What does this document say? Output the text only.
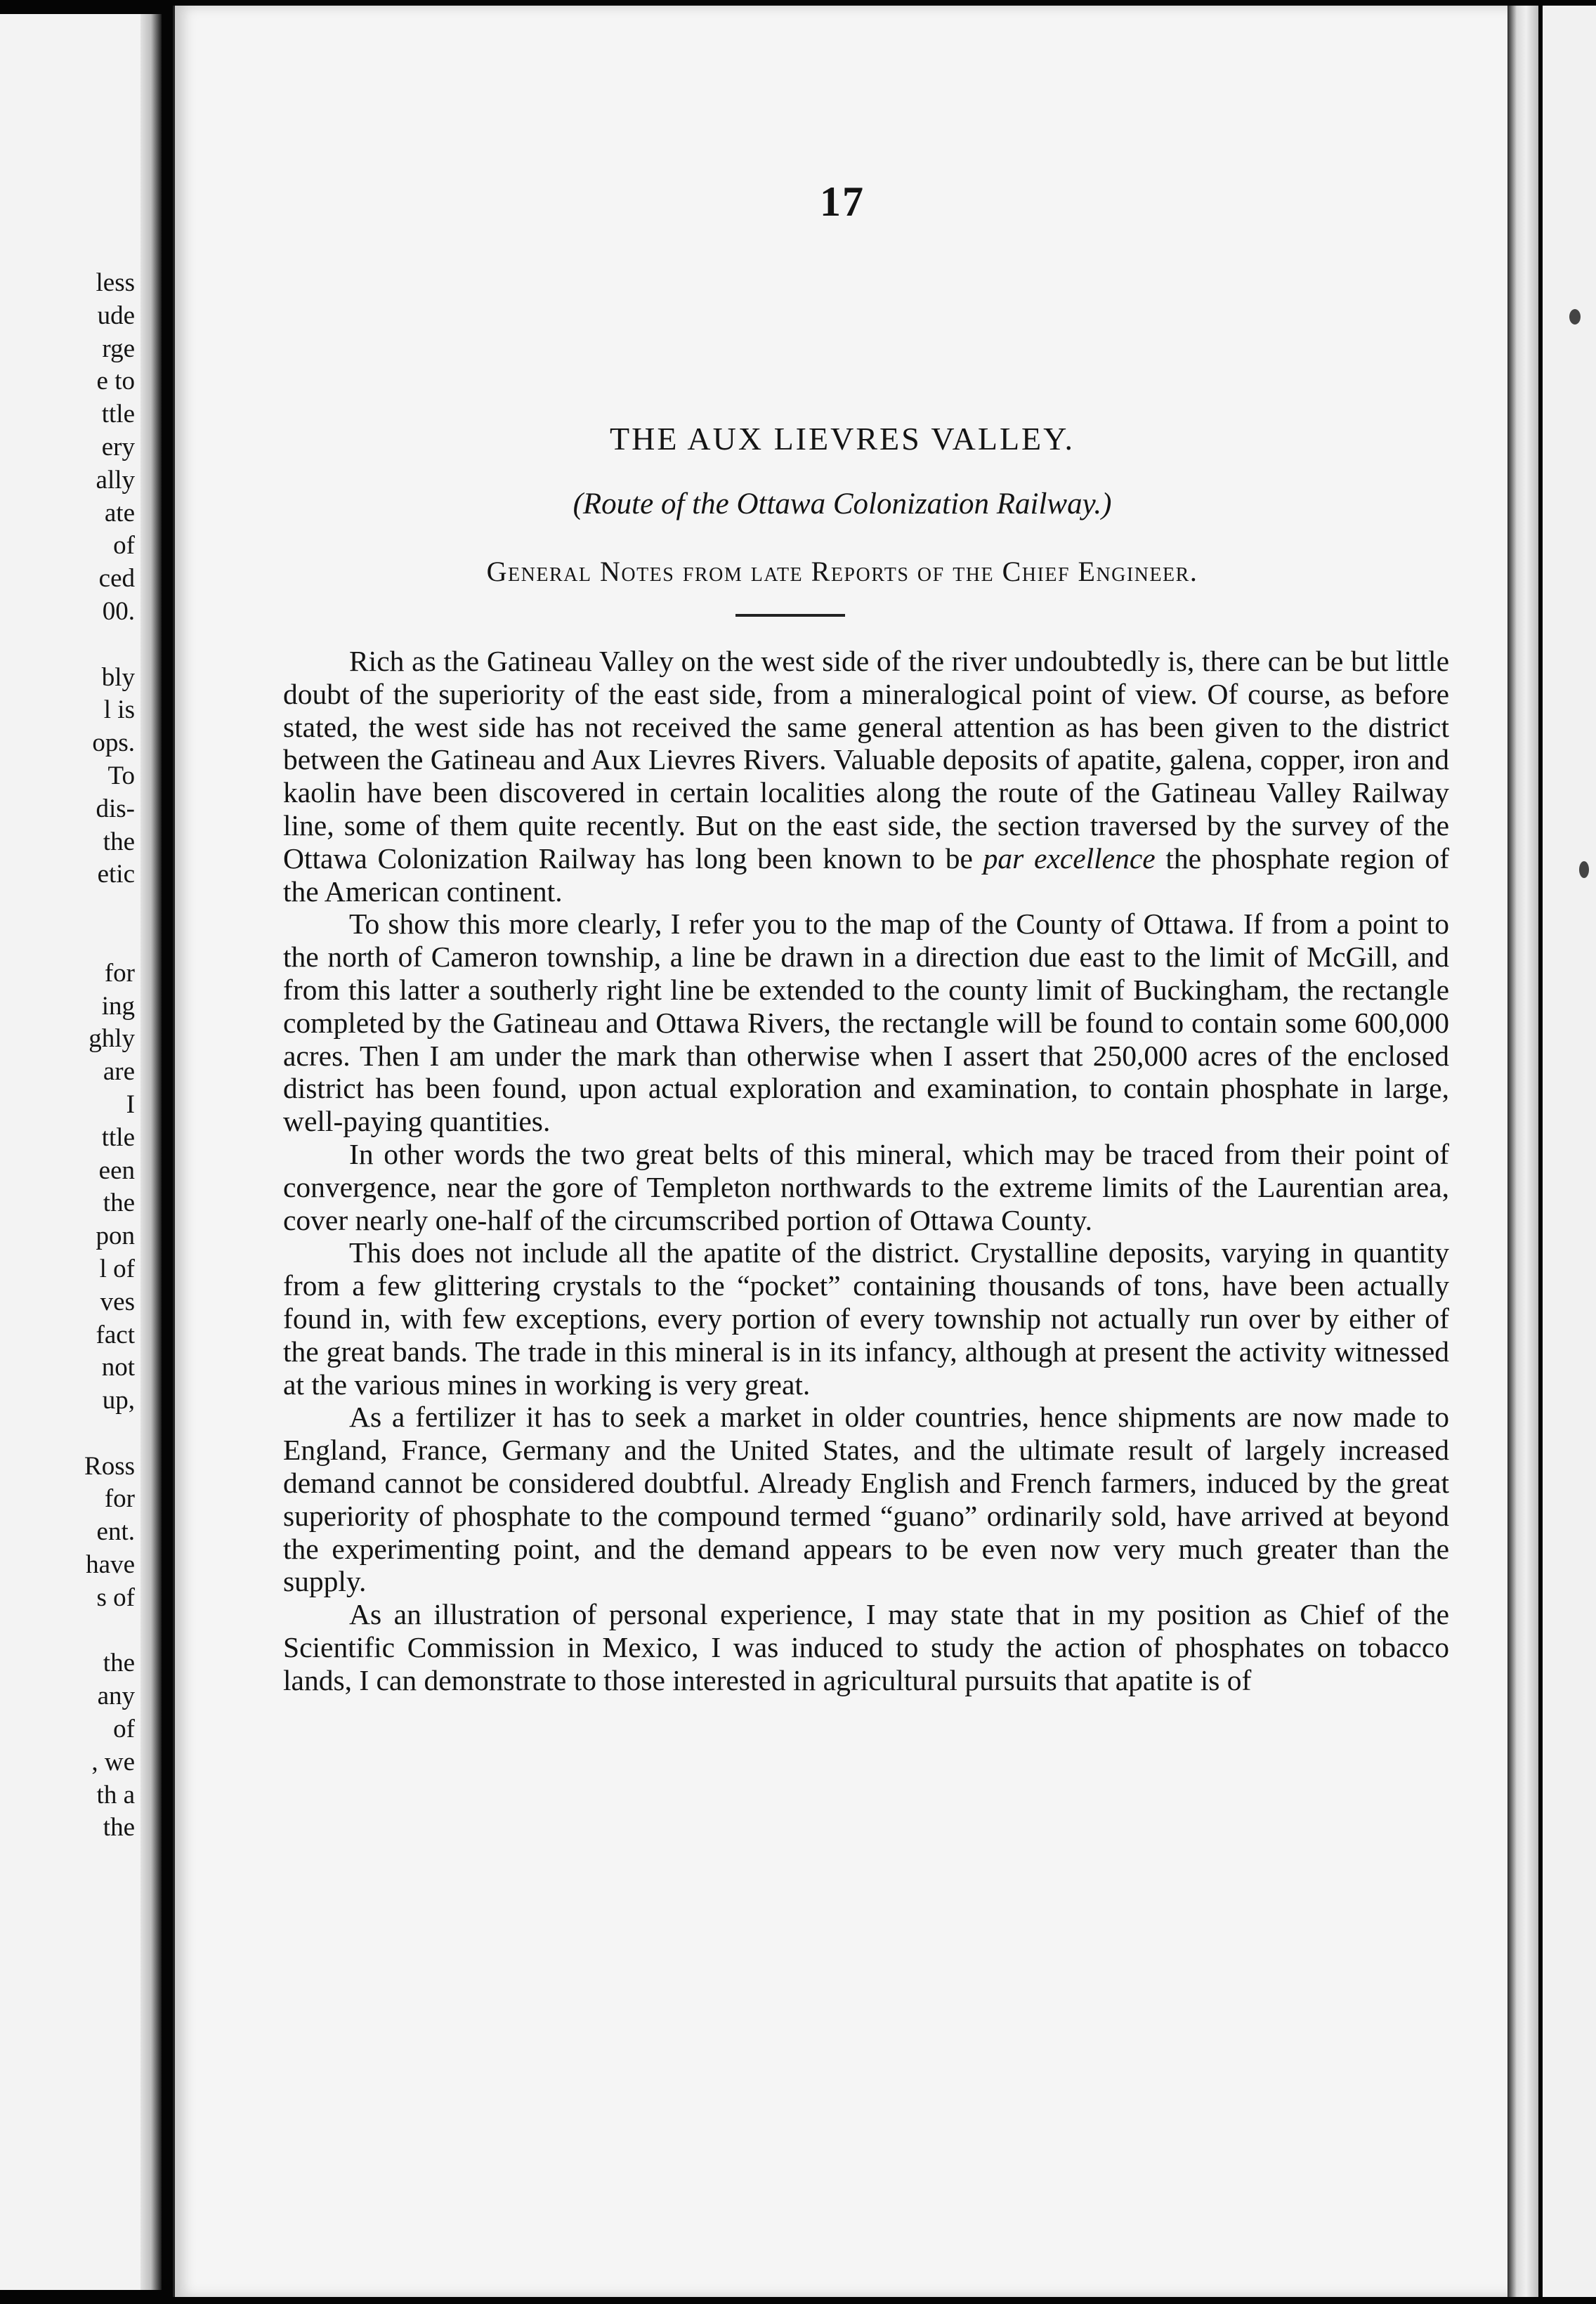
less
ude
rge
e to
ttle
ery
ally
ate
of
ced
00.
bly
l is
ops.
To
dis-
the
etic
for
ing
ghly
are
I
ttle
een
the
pon
l of
ves
fact
not
up,
Ross
for
ent.
have
s of
the
any
of
, we
th a
the
17
THE AUX LIEVRES VALLEY.
(Route of the Ottawa Colonization Railway.)
General Notes from late Reports of the Chief Engineer.

Rich as the Gatineau Valley on the west side of the river undoubtedly is, there can be but little doubt of the superiority of the east side, from a mineralogical point of view. Of course, as before stated, the west side has not received the same general attention as has been given to the district between the Gatineau and Aux Lievres Rivers. Valuable deposits of apatite, galena, copper, iron and kaolin have been discovered in certain localities along the route of the Gatineau Valley Railway line, some of them quite recently. But on the east side, the section traversed by the survey of the Ottawa Colonization Railway has long been known to be par excellence the phosphate region of the American continent.

To show this more clearly, I refer you to the map of the County of Ottawa. If from a point to the north of Cameron township, a line be drawn in a direction due east to the limit of McGill, and from this latter a southerly right line be extended to the county limit of Buckingham, the rectangle completed by the Gatineau and Ottawa Rivers, the rectangle will be found to contain some 600,000 acres. Then I am under the mark than otherwise when I assert that 250,000 acres of the enclosed district has been found, upon actual exploration and examination, to contain phosphate in large, well-paying quantities.

In other words the two great belts of this mineral, which may be traced from their point of convergence, near the gore of Templeton northwards to the extreme limits of the Laurentian area, cover nearly one-half of the circumscribed portion of Ottawa County.

This does not include all the apatite of the district. Crystalline deposits, varying in quantity from a few glittering crystals to the “pocket” containing thousands of tons, have been actually found in, with few exceptions, every portion of every township not actually run over by either of the great bands. The trade in this mineral is in its infancy, although at present the activity witnessed at the various mines in working is very great.

As a fertilizer it has to seek a market in older countries, hence shipments are now made to England, France, Germany and the United States, and the ultimate result of largely increased demand cannot be considered doubtful. Already English and French farmers, induced by the great superiority of phosphate to the compound termed “guano” ordinarily sold, have arrived at beyond the experimenting point, and the demand appears to be even now very much greater than the supply.

As an illustration of personal experience, I may state that in my position as Chief of the Scientific Commission in Mexico, I was induced to study the action of phosphates on tobacco lands, I can demonstrate to those interested in agricultural pursuits that apatite is of
